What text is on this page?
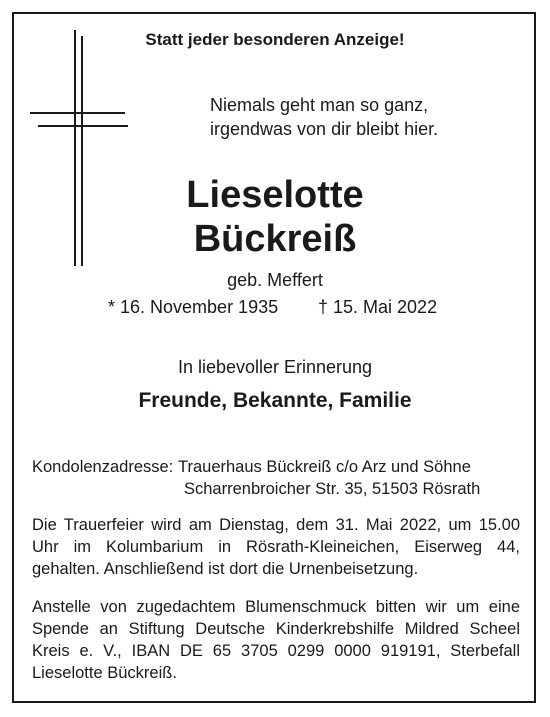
Statt jeder besonderen Anzeige!
Niemals geht man so ganz,
irgendwas von dir bleibt hier.
Lieselotte
Bückreiß
geb. Meffert
* 16. November 1935 † 15. Mai 2022
In liebevoller Erinnerung
Freunde, Bekannte, Familie
Kondolenzadresse: Trauerhaus Bückreiß c/o Arz und Söhne
Scharrenbroicher Str. 35, 51503 Rösrath
Die Trauerfeier wird am Dienstag, dem 31. Mai 2022, um 15.00
Uhr im Kolumbarium in Rösrath-Kleineichen, Eiserweg 44,
gehalten. Anschließend ist dort die Urnenbeisetzung.
Anstelle von zugedachtem Blumenschmuck bitten wir um eine
Spende an Stiftung Deutsche Kinderkrebshilfe Mildred Scheel
Kreis e. V., IBAN DE 65 3705 0299 0000 919191, Sterbefall
Lieselotte Bückreiß.
